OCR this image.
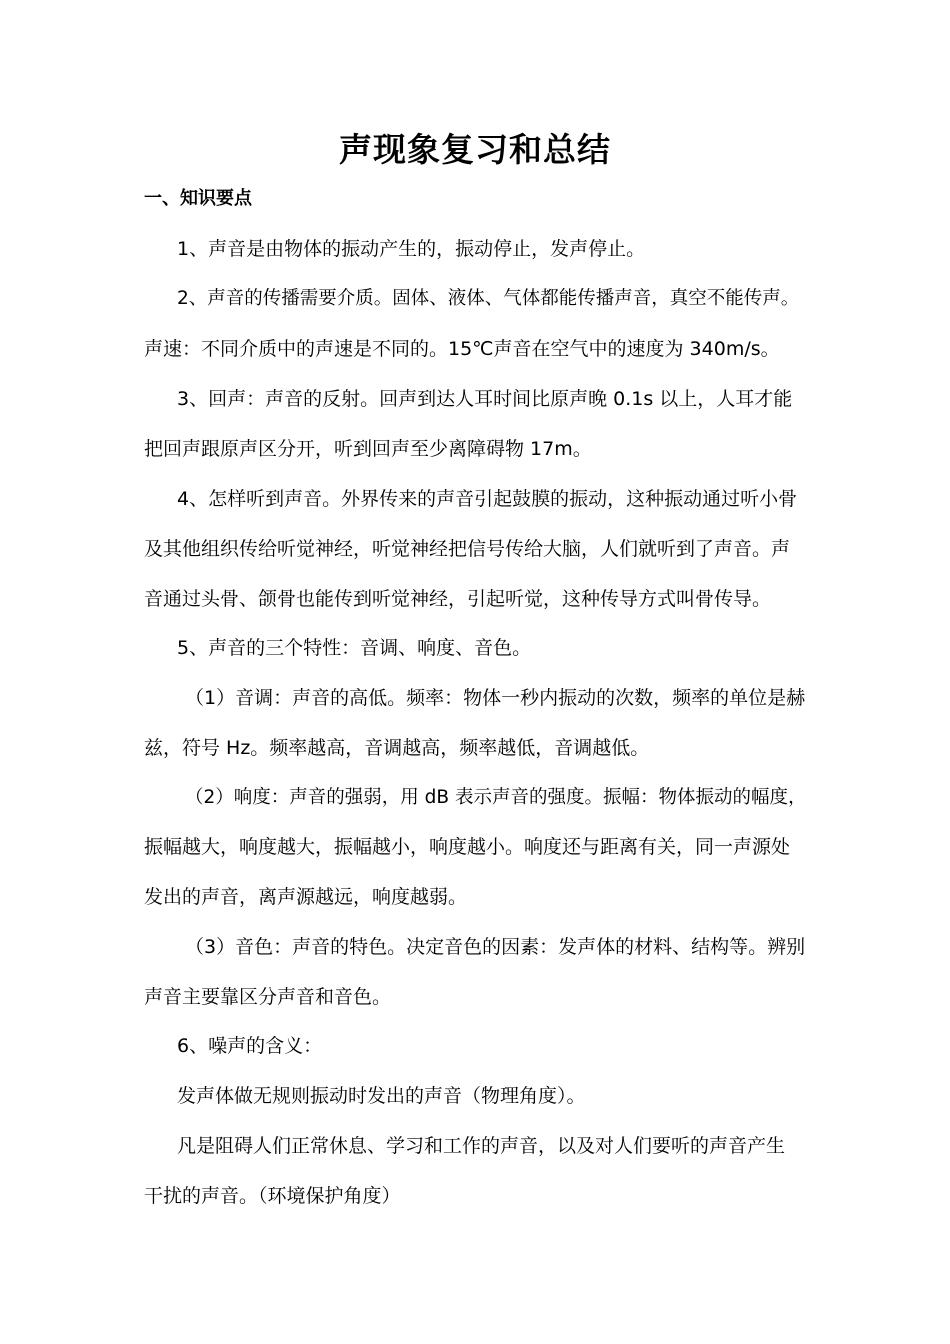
声现象复习和总结
一、知识要点
1、声音是由物体的振动产生的，振动停止，发声停止。
2、声音的传播需要介质。固体、液体、气体都能传播声音，真空不能传声。
声速：不同介质中的声速是不同的。15℃声音在空气中的速度为 340m/s。
3、回声：声音的反射。回声到达人耳时间比原声晚 0.1s 以上，人耳才能
把回声跟原声区分开，听到回声至少离障碍物 17m。
4、怎样听到声音。外界传来的声音引起鼓膜的振动，这种振动通过听小骨
及其他组织传给听觉神经，听觉神经把信号传给大脑，人们就听到了声音。声
音通过头骨、颌骨也能传到听觉神经，引起听觉，这种传导方式叫骨传导。
5、声音的三个特性：音调、响度、音色。
（1）音调：声音的高低。频率：物体一秒内振动的次数，频率的单位是赫
兹，符号 Hz。频率越高，音调越高，频率越低，音调越低。
（2）响度：声音的强弱，用 dB 表示声音的强度。振幅：物体振动的幅度，
振幅越大，响度越大，振幅越小，响度越小。响度还与距离有关，同一声源处
发出的声音，离声源越远，响度越弱。
（3）音色：声音的特色。决定音色的因素：发声体的材料、结构等。辨别
声音主要靠区分声音和音色。
6、噪声的含义：
发声体做无规则振动时发出的声音（物理角度）。
凡是阻碍人们正常休息、学习和工作的声音，以及对人们要听的声音产生
干扰的声音。（环境保护角度）
